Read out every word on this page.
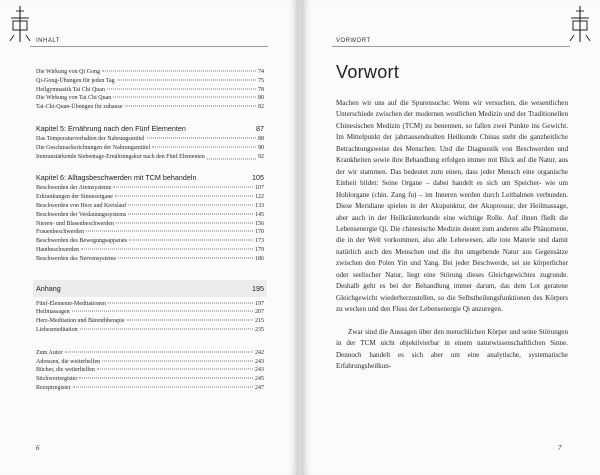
INHALT
Die Wirkung von Qi Gong	74
Qi-Gong-Übungen für jeden Tag	75
Heilgymnastik Tai Chi Quan	78
Die Wirkung von Tai Chi Quan	80
Tai-Chi-Quan-Übungen für zuhause	82
Kapitel 5: Ernährung nach den Fünf Elementen	87
Das Temperaturverhalten der Nahrungsmittel	88
Die Geschmacksrichtungen der Nahrungsmittel	90
Immunstärkende Siebentage-Ernährungskur nach den Fünf Elementen	92
Kapitel 6: Alltagsbeschwerden mit TCM behandeln	105
Beschwerden der Atemsysteme	107
Erkrankungen der Sinnesorgane	122
Beschwerden von Herz und Kreislauf	133
Beschwerden der Verdauungssystems	145
Nieren- und Blasenbeschwerden	156
Frauenbeschwerden	170
Beschwerden des Bewegungsapparats	173
Hautbeschwerden	179
Beschwerden des Nervensystems	186
Anhang	195
Fünf-Elemente-Meditationen	197
Heilmassagen	207
Herz-Meditation und Bärenthberapie	215
Liebesmeditation	235
Zum Autor	242
Adressen, die weiterhelfen	243
Bücher, die weiterhelfen	243
Stichwortregister	245
Rezeptregister	247
6
VORWORT
Vorwort

Machen wir uns auf die Spurensuche: Wenn wir versuchen, die wesentlichen Unterschiede zwischen der modernen westlichen Medizin und der Traditionellen Chinesischen Medizin (TCM) zu benennen, so fallen zwei Punkte ins Gewicht. Im Mittelpunkt der jahrtausendealten Heilkunde Chinas steht die ganzheitliche Betrachtungsweise des Menschen. Und die Diagnostik von Beschwerden und Krankheiten sowie ihre Behandlung erfolgen immer mit Blick auf die Natur, aus der wir stammen. Das bedeutet zum einen, dass jeder Mensch eine organische Einheit bildet: Seine Organe – dabei handelt es sich um Speicher- wie um Hohlorgane (chin. Zang fu) – im Inneren werden durch Leitbahnen verbunden. Diese Meridiane spielen in der Akupunktur, der Akupressur, der Heilmassage, aber auch in der Heilkräuterkunde eine wichtige Rolle. Auf ihnen fließt die Lebensenergie Qi. Die chinesische Medizin deutet zum anderen alle Phänomene, die in der Welt vorkommen, also alle Lebewesen, alle tote Materie und damit natürlich auch den Menschen und die ihn umgebende Natur aus Gegensätze zwischen den Polen Yin und Yang. Bei jeder Beschwerde, sei sie körperlicher oder seelischer Natur, liegt eine Störung dieses Gleichgewichtes zugrunde. Deshalb geht es bei der Behandlung immer darum, das dem Lot geratene Gleichgewicht wiederherzustellen, so die Selbstheilungsfunktionen des Körpers zu wecken und den Fluss der Lebensenergie Qi anzuregen.

Zwar sind die Aussagen über den menschlichen Körper und seine Störungen in der TCM nicht objektivierbar in einem naturwissenschaftlichen Sinne. Dennoch handelt es sich aber um eine analytische, systematische Erfahrungsheilkun-

7
